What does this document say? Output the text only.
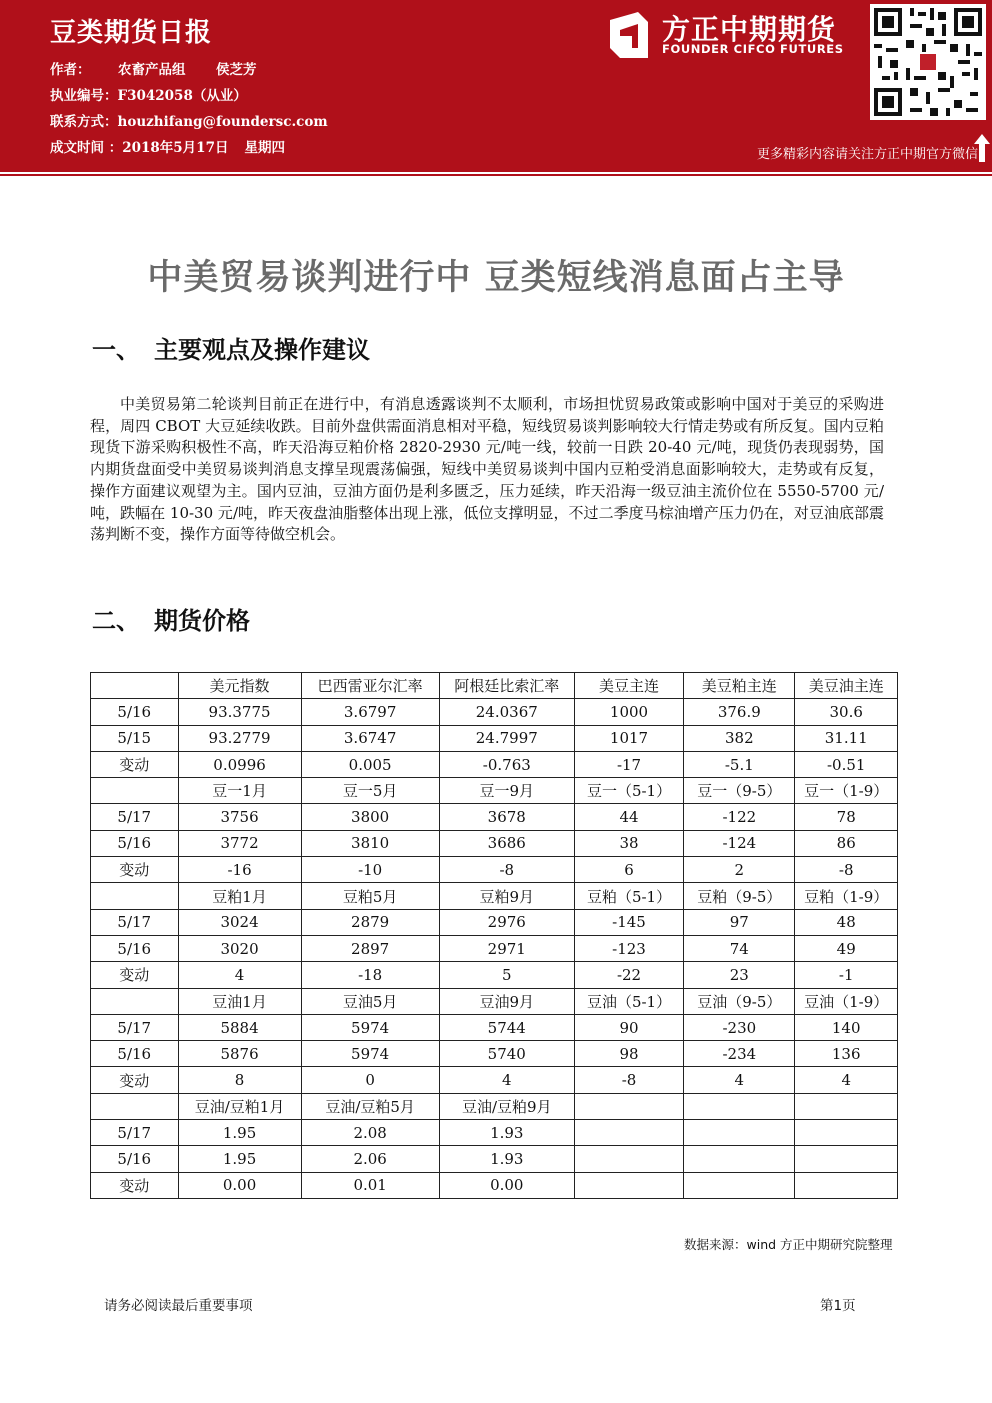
豆类期货日报
作者： 农畜产品组 侯芝芳
执业编号：F3042058（从业）
联系方式：houzhifang@foundersc.com
成文时间 ：2018年5月17日 星期四
方正中期期货
FOUNDER CIFCO FUTURES
更多精彩内容请关注方正中期官方微信
中美贸易谈判进行中 豆类短线消息面占主导
一、 主要观点及操作建议

中美贸易第二轮谈判目前正在进行中，有消息透露谈判不太顺利，市场担忧贸易政策或影响中国对于美豆的采购进程，周四 CBOT 大豆延续收跌。目前外盘供需面消息相对平稳，短线贸易谈判影响较大行情走势或有所反复。国内豆粕现货下游采购积极性不高，昨天沿海豆粕价格 2820-2930 元/吨一线，较前一日跌 20-40 元/吨，现货仍表现弱势，国内期货盘面受中美贸易谈判消息支撑呈现震荡偏强，短线中美贸易谈判中国内豆粕受消息面影响较大，走势或有反复，操作方面建议观望为主。国内豆油，豆油方面仍是利多匮乏，压力延续，昨天沿海一级豆油主流价位在 5550-5700 元/吨，跌幅在 10-30 元/吨，昨天夜盘油脂整体出现上涨，低位支撑明显，不过二季度马棕油增产压力仍在，对豆油底部震荡判断不变，操作方面等待做空机会。

二、 期货价格
	美元指数	巴西雷亚尔汇率	阿根廷比索汇率	美豆主连	美豆粕主连	美豆油主连
5/16	93.3775	3.6797	24.0367	1000	376.9	30.6
5/15	93.2779	3.6747	24.7997	1017	382	31.11
变动	0.0996	0.005	-0.763	-17	-5.1	-0.51
	豆一1月	豆一5月	豆一9月	豆一（5-1）	豆一（9-5）	豆一（1-9）
5/17	3756	3800	3678	44	-122	78
5/16	3772	3810	3686	38	-124	86
变动	-16	-10	-8	6	2	-8
	豆粕1月	豆粕5月	豆粕9月	豆粕（5-1）	豆粕（9-5）	豆粕（1-9）
5/17	3024	2879	2976	-145	97	48
5/16	3020	2897	2971	-123	74	49
变动	4	-18	5	-22	23	-1
	豆油1月	豆油5月	豆油9月	豆油（5-1）	豆油（9-5）	豆油（1-9）
5/17	5884	5974	5744	90	-230	140
5/16	5876	5974	5740	98	-234	136
变动	8	0	4	-8	4	4
	豆油/豆粕1月	豆油/豆粕5月	豆油/豆粕9月			
5/17	1.95	2.08	1.93			
5/16	1.95	2.06	1.93			
变动	0.00	0.01	0.00			
数据来源：wind 方正中期研究院整理
请务必阅读最后重要事项	第1页
